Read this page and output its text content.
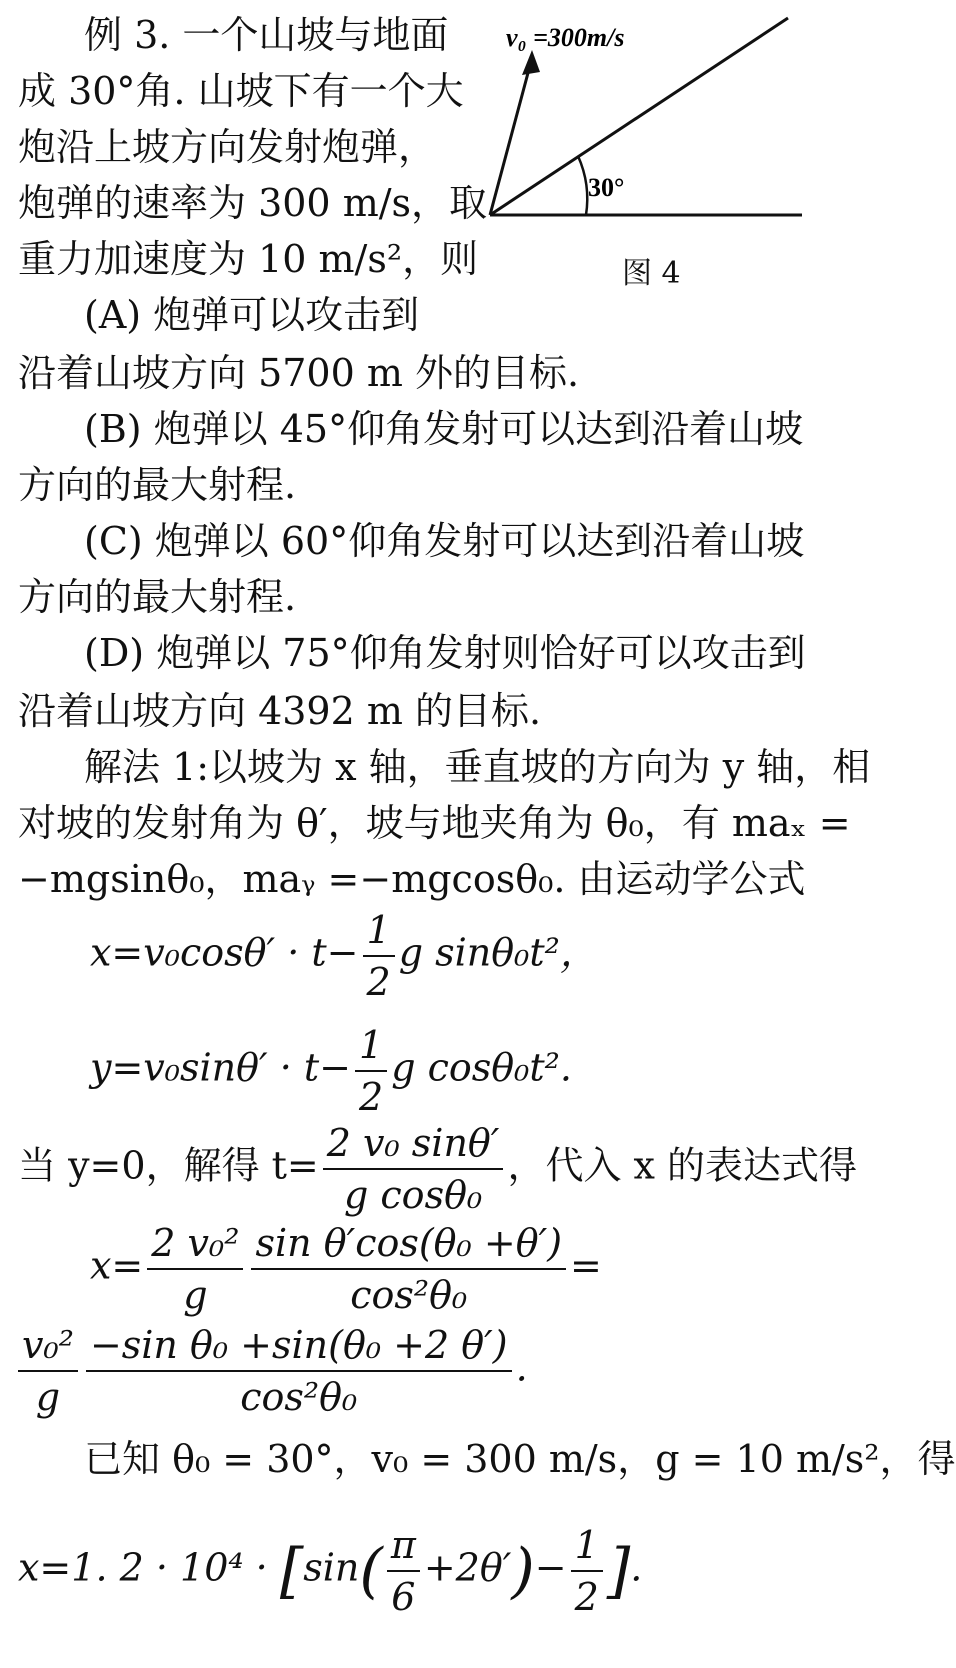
v₀ =300m/s
30°
图 4
例 3. 一个山坡与地面
成 30°角. 山坡下有一个大
炮沿上坡方向发射炮弹，
炮弹的速率为 300 m/s，取
重力加速度为 10 m/s²，则
(A) 炮弹可以攻击到
沿着山坡方向 5700 m 外的目标.
(B) 炮弹以 45°仰角发射可以达到沿着山坡
方向的最大射程.
(C) 炮弹以 60°仰角发射可以达到沿着山坡
方向的最大射程.
(D) 炮弹以 75°仰角发射则恰好可以攻击到
沿着山坡方向 4392 m 的目标.
解法 1:以坡为 x 轴，垂直坡的方向为 y 轴，相
对坡的发射角为 θ′，坡与地夹角为 θ₀，有 maₓ =
−mgsinθ₀，maᵧ =−mgcosθ₀. 由运动学公式
$x=v_0\cos\theta' \cdot t- \frac{1}{2}$ g sinθ₀t²，
$y=v_0\sin\theta' \cdot t- \frac{1}{2}$ g cosθ₀t².
当 y=0，解得 $t= \frac{\text{2 v₀ sinθ′}}{\text{g cosθ₀}}$ ，代入 x 的表达式得
$x= \frac{\text{2 v₀²}}{g} \frac{\text{sin θ′cos(θ₀ +θ′)}}{\text{cos²θ₀}}$ =
$\frac{\text{v₀²}}{g} \frac{\text{−sin θ₀ +sin(θ₀ +2 θ′)}}{\text{cos²θ₀}}$ .
已知 θ₀ = 30°，v₀ = 300 m/s，g = 10 m/s²，得
x=1. $2 \cdot 10^4 \cdot [\sin( \frac{\pi}{6} +2\theta')- \frac{1}{2}$ ].
